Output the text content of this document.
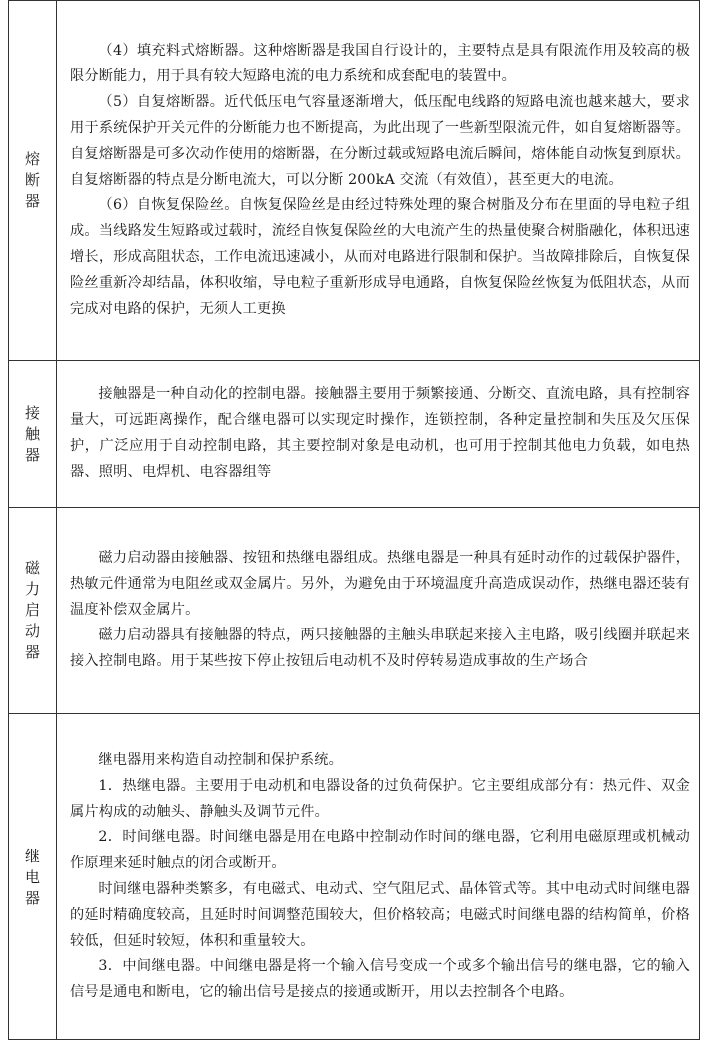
熔断器

（4）填充料式熔断器。这种熔断器是我国自行设计的，主要特点是具有限流作用及较高的极限分断能力，用于具有较大短路电流的电力系统和成套配电的装置中。

（5）自复熔断器。近代低压电气容量逐渐增大，低压配电线路的短路电流也越来越大，要求用于系统保护开关元件的分断能力也不断提高，为此出现了一些新型限流元件，如自复熔断器等。自复熔断器是可多次动作使用的熔断器，在分断过载或短路电流后瞬间，熔体能自动恢复到原状。自复熔断器的特点是分断电流大，可以分断 200kA 交流（有效值），甚至更大的电流。

（6）自恢复保险丝。自恢复保险丝是由经过特殊处理的聚合树脂及分布在里面的导电粒子组成。当线路发生短路或过载时，流经自恢复保险丝的大电流产生的热量使聚合树脂融化，体积迅速增长，形成高阻状态，工作电流迅速减小，从而对电路进行限制和保护。当故障排除后，自恢复保险丝重新冷却结晶，体积收缩，导电粒子重新形成导电通路，自恢复保险丝恢复为低阻状态，从而完成对电路的保护，无须人工更换

接触器

接触器是一种自动化的控制电器。接触器主要用于频繁接通、分断交、直流电路，具有控制容量大，可远距离操作，配合继电器可以实现定时操作，连锁控制，各种定量控制和失压及欠压保护，广泛应用于自动控制电路，其主要控制对象是电动机，也可用于控制其他电力负载，如电热器、照明、电焊机、电容器组等

磁力启动器

磁力启动器由接触器、按钮和热继电器组成。热继电器是一种具有延时动作的过载保护器件，热敏元件通常为电阻丝或双金属片。另外，为避免由于环境温度升高造成误动作，热继电器还装有温度补偿双金属片。

磁力启动器具有接触器的特点，两只接触器的主触头串联起来接入主电路，吸引线圈并联起来接入控制电路。用于某些按下停止按钮后电动机不及时停转易造成事故的生产场合

继电器

继电器用来构造自动控制和保护系统。

1．热继电器。主要用于电动机和电器设备的过负荷保护。它主要组成部分有：热元件、双金属片构成的动触头、静触头及调节元件。

2．时间继电器。时间继电器是用在电路中控制动作时间的继电器，它利用电磁原理或机械动作原理来延时触点的闭合或断开。

时间继电器种类繁多，有电磁式、电动式、空气阻尼式、晶体管式等。其中电动式时间继电器的延时精确度较高，且延时时间调整范围较大，但价格较高；电磁式时间继电器的结构简单，价格较低，但延时较短，体积和重量较大。

3．中间继电器。中间继电器是将一个输入信号变成一个或多个输出信号的继电器，它的输入信号是通电和断电，它的输出信号是接点的接通或断开，用以去控制各个电路。
